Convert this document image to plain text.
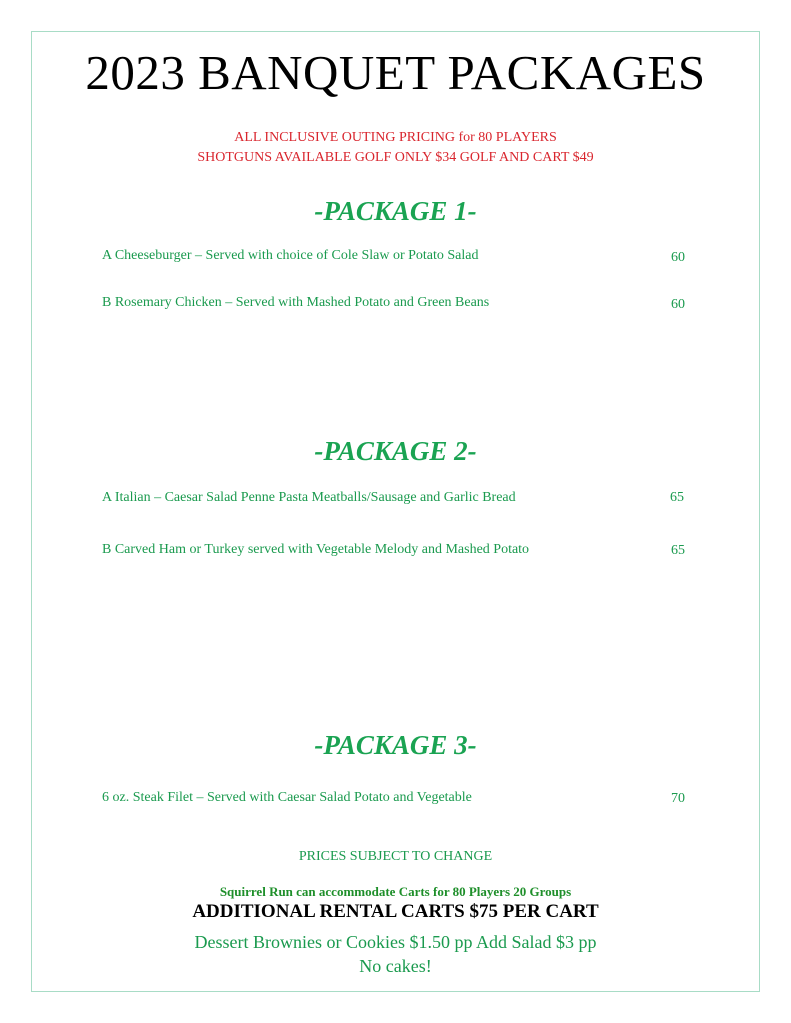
2023 BANQUET PACKAGES
ALL INCLUSIVE OUTING PRICING for 80 PLAYERS
SHOTGUNS AVAILABLE GOLF ONLY $34 GOLF AND CART $49
-PACKAGE 1-
A Cheeseburger – Served with choice of Cole Slaw or Potato Salad	60
B Rosemary Chicken – Served with Mashed Potato and Green Beans	60
-PACKAGE 2-
A Italian – Caesar Salad Penne Pasta Meatballs/Sausage and Garlic Bread	65
B Carved Ham or Turkey served with Vegetable Melody and Mashed Potato	65
-PACKAGE 3-
6 oz. Steak Filet – Served with Caesar Salad Potato and Vegetable	70
PRICES SUBJECT TO CHANGE
Squirrel Run can accommodate Carts for 80 Players 20 Groups
ADDITIONAL RENTAL CARTS $75 PER CART
Dessert Brownies or Cookies $1.50 pp Add Salad $3 pp
No cakes!
